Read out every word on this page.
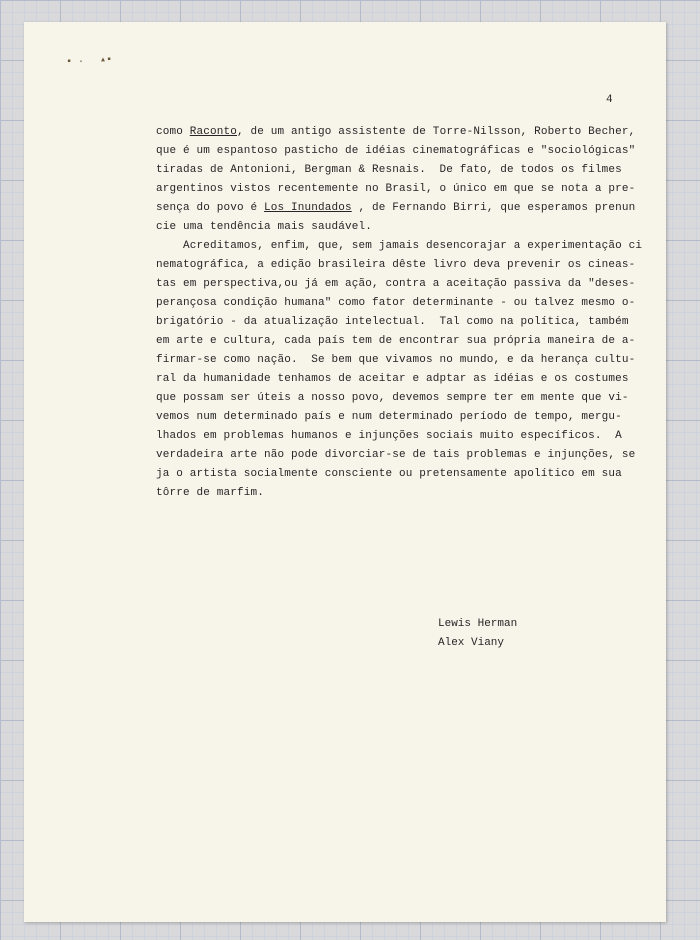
▪ · ▴▪
4
como Raconto, de um antigo assistente de Torre-Nilsson, Roberto Becher,
que é um espantoso pasticho de idéias cinematográficas e "sociológicas"
tiradas de Antonioni, Bergman & Resnais.  De fato, de todos os filmes
argentinos vistos recentemente no Brasil, o único em que se nota a pre-
sença do povo é Los Inundados , de Fernando Birri, que esperamos prenun
cie uma tendência mais saudável.
Acreditamos, enfim, que, sem jamais desencorajar a experimentação ci
nematográfica, a edição brasileira dêste livro deva prevenir os cineas-
tas em perspectiva,ou já em ação, contra a aceitação passiva da "deses-
perançosa condição humana" como fator determinante - ou talvez mesmo o-
brigatório - da atualização intelectual.  Tal como na política, também
em arte e cultura, cada país tem de encontrar sua própria maneira de a-
firmar-se como nação.  Se bem que vivamos no mundo, e da herança cultu-
ral da humanidade tenhamos de aceitar e adptar as idéias e os costumes
que possam ser úteis a nosso povo, devemos sempre ter em mente que vi-
vemos num determinado país e num determinado período de tempo, mergu-
lhados em problemas humanos e injunções sociais muito específicos.  A
verdadeira arte não pode divorciar-se de tais problemas e injunções, se
ja o artista socialmente consciente ou pretensamente apolítico em sua
tôrre de marfim.
Lewis Herman
Alex Viany
